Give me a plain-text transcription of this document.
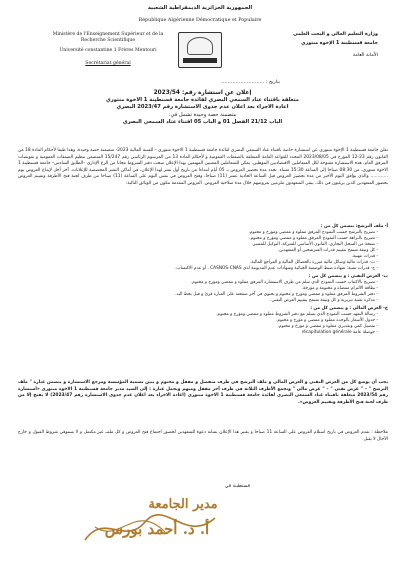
الجمهورية الجزائرية الديمقراطية الشعبية
République Algérienne Démocratique et Populaire
Ministère de l'Enseignement Supérieur et de la Recherche Scientifique
Université constantine 1 Frères Mentouri
Secrétariat général
وزارة التعليم العالي و البحث العلمي
جامعة قسنطينة 1 الإخوة منتوري
الأمانة العامة
بتاريخ : ………………………
إعلان عن استشارة رقم: 2023/54
متعلقة باقتناء عتاد السمعي البصري لفائدة جامعة قسنطينة 1 الاخوة منتوري
اعادة الاجراء بعد اعلان عدم جدوى الاستشارة رقم 2023/47 البصري
متضمنة حصة وحيدة تشمل في:
الباب 21/12 الفصل 01 و الباب 05 اقتناء عتاد السمعي البصري
تعلن جامعة قسنطينة 1 الإخوة منتوري عن استشارة خاصة باقتناء عتاد السمعي البصري لفائدة جامعة قسنطينة 1 الاخوة منتوري – للسنة المالية 2023- متضمنة حصة وحيدة، وهذا طبقا لأحكام المادة 18 من القانون رقم 23-12 المؤرخ في 2023/08/05 المحدد للقواعد العامة المتعلقة بالصفقات العمومية و لأحكام المادة 13 من المرسوم الرئاسي رقم 15/247 المتضمن تنظيم الصفقات العمومية و تفويضات المرفق العام. هذه الاستشارة مفتوحة لكل المتعاملين الاقتصاديين المؤهلين. يمكن للمتعاملين المعنيين المهتمين بهذا الإعلان سحب دفتر الشروط مجانا من الرع الإداري –الطابق السادس– جامعة قسنطينة 1 الاخوة منتوري، من 08:30 صباحا إلى الساعة 15:30 مساء. تحدد مدة تحضير العروض بـ 05 أيام ابتداءا من تاريخ أول نشر لهذا الإعلان، في أماكن النشر المخصصة للإعلانات. آخر أجل لإيداع العروض يوم ………… والذي يوافق اليوم الأخير من مدة تحضير العروض قبل الساعة الحادية عشر (11) صباحا، وفتح العروض في نفس اليوم على الساعة (11) صباحا من طرف لجنة فتح الأظرفة وتقييم العروض بحضور المتعهدين الذين يرغبون في ذلك. يبقى المتعهدون ملزمين بعروضهم خلال مدة صلاحية العروض. العروض المقدمة تتكون من الوثائق التالية:
أ- ملف الترشح: يتضمن كل من :
- تصريح بالترشح حسب النموذج المرفق مملوء و ممضي ومؤرخ و مختوم.
- تصريح بالنزاهة حسب النموذج المرفق مملوء و ممضي ومؤرخ و مختوم.
- نسخة من السجل التجاري، القانون الأساسي للشركة، التوكيل للمسير.
- كل وثيقة تسمح بتقييم قدرات المترشحين أو المتعهدين.
- قدرات مهنية.
- ب- قدرات مالية:وسائل مالية مبررة بالحصائل المالية و المراجع المالية.
- ج- قدرات تقنية: شهادة ضبط الوضعية الجبائية وشهادات عدم المديونية لدى CASNOS-CNAS ، أو عدم الاكتساب.
ب- العرض التقني : و يتضمن كل من :
- تصريح بالاكتتاب حسب النموذج الذي سلم من طرف الاستشارة المرفق مملوء و ممضي ومؤرخ و مختوم.
- بطاقة الالتزام ممضاة و مختومة و مؤرخة.
- دفتر الشروط المرفق مملوء و ممضي ومؤرخ و مختوم و يحتوي في آخر صفحته على العبارة قرئ و قبل بخط اليد.
- مذكرة تقنية تبريرية و كل وثيقة تسمح بتقييم العرض التقني.
ج- العرض المالي : و يتضمن كل من :
- رسالة التعهد حسب النموذج الذي يسلم مع دفتر الشروط مملوء و ممضي ومؤرخ و مختوم.
- جدول الأسعار بالوحدة مملوء و ممضي و مؤرخ و مختوم.
- تفصيل كمي وتقديري مملوء و ممضي و مؤرخ و مختوم.
- حوصلة عامة récapitulation générale
يجب أن يوضع كل من العرض التقني و العرض المالي و ملف الترشح في ظرف منفصل و مقفل و مختوم و يبين تسمية المؤسسة ومرجع الاستشارة و يتضمن عبارة " ملف الترشح " – " عرض تقني " – " عرض مالي " وتجمع الأظرف الثلاثة في ظرف آخر مقفل ومبهم ويحمل عبارة : إلى السيد مدير جامعة قسنطينة 1 الاخوة منتوري «استشارة رقم 2023/54 متعلقة باقتناء عتاد السمعي البصري لفائدة جامعة قسنطينة 1 الاخوة منتوري (اعادة الاجراء بعد اعلان عدم جدوى الاستشارة رقم 2023/47) لا يفتح إلا من طرف لجنة فتح الأظرفة وتقييم العروض».
ملاحظة : تقدم العروض في تاريخ استلام العروض على الساعة 11 صباحا و يعتبر هذا الإعلان بمثابة دعوة للمتعهدين لحضور اجتماع فتح العروض و كل ملف غير مكتمل و لا يستوفي شروط القبول و خارج الآجال لا يقبل.
قسنطينة في
مدير الجامعة
أ. د. أحمد بورس
